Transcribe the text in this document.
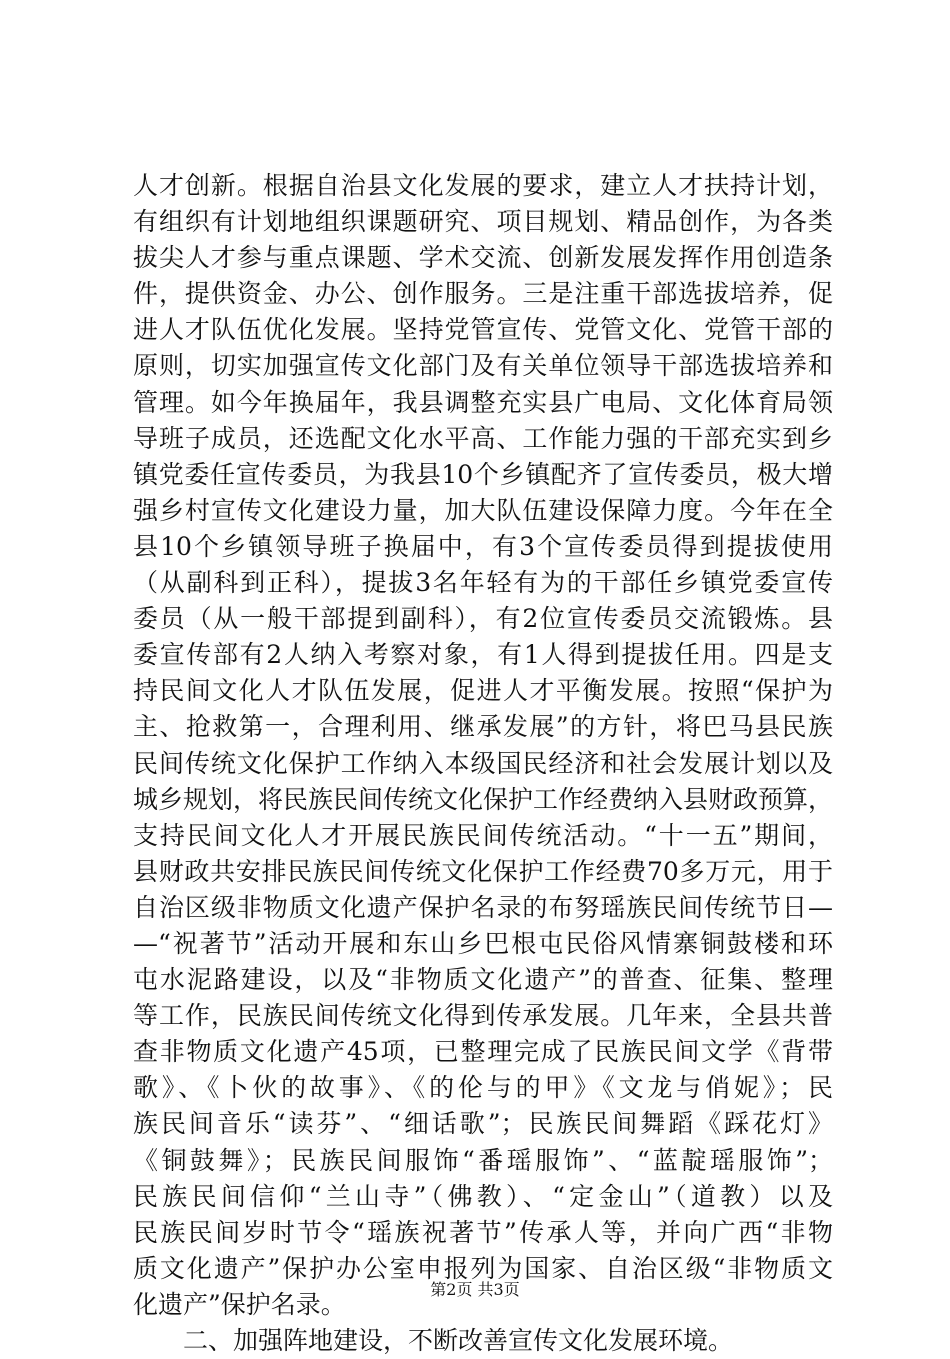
人才创新。根据自治县文化发展的要求，建立人才扶持计划，
有组织有计划地组织课题研究、项目规划、精品创作，为各类
拔尖人才参与重点课题、学术交流、创新发展发挥作用创造条
件，提供资金、办公、创作服务。三是注重干部选拔培养，促
进人才队伍优化发展。坚持党管宣传、党管文化、党管干部的
原则，切实加强宣传文化部门及有关单位领导干部选拔培养和
管理。如今年换届年，我县调整充实县广电局、文化体育局领
导班子成员，还选配文化水平高、工作能力强的干部充实到乡
镇党委任宣传委员，为我县10个乡镇配齐了宣传委员，极大增
强乡村宣传文化建设力量，加大队伍建设保障力度。今年在全
县10个乡镇领导班子换届中，有3个宣传委员得到提拔使用
（从副科到正科），提拔3名年轻有为的干部任乡镇党委宣传
委员（从一般干部提到副科），有2位宣传委员交流锻炼。县
委宣传部有2人纳入考察对象，有1人得到提拔任用。四是支
持民间文化人才队伍发展，促进人才平衡发展。按照“保护为
主、抢救第一，合理利用、继承发展”的方针，将巴马县民族
民间传统文化保护工作纳入本级国民经济和社会发展计划以及
城乡规划，将民族民间传统文化保护工作经费纳入县财政预算，
支持民间文化人才开展民族民间传统活动。“十一五”期间，
县财政共安排民族民间传统文化保护工作经费70多万元，用于
自治区级非物质文化遗产保护名录的布努瑶族民间传统节日—
—“祝著节”活动开展和东山乡巴根屯民俗风情寨铜鼓楼和环
屯水泥路建设，以及“非物质文化遗产”的普查、征集、整理
等工作，民族民间传统文化得到传承发展。几年来，全县共普
查非物质文化遗产45项，已整理完成了民族民间文学《背带
歌》、《卜伙的故事》、《的伦与的甲》《文龙与俏妮》；民
族民间音乐“读芬”、“细话歌”；民族民间舞蹈《踩花灯》
《铜鼓舞》；民族民间服饰“番瑶服饰”、“蓝靛瑶服饰”；
民族民间信仰“兰山寺”（佛教）、“定金山”（道教）以及
民族民间岁时节令“瑶族祝著节”传承人等，并向广西“非物
质文化遗产”保护办公室申报列为国家、自治区级“非物质文
化遗产”保护名录。
二、加强阵地建设，不断改善宣传文化发展环境。
第2页 共3页
